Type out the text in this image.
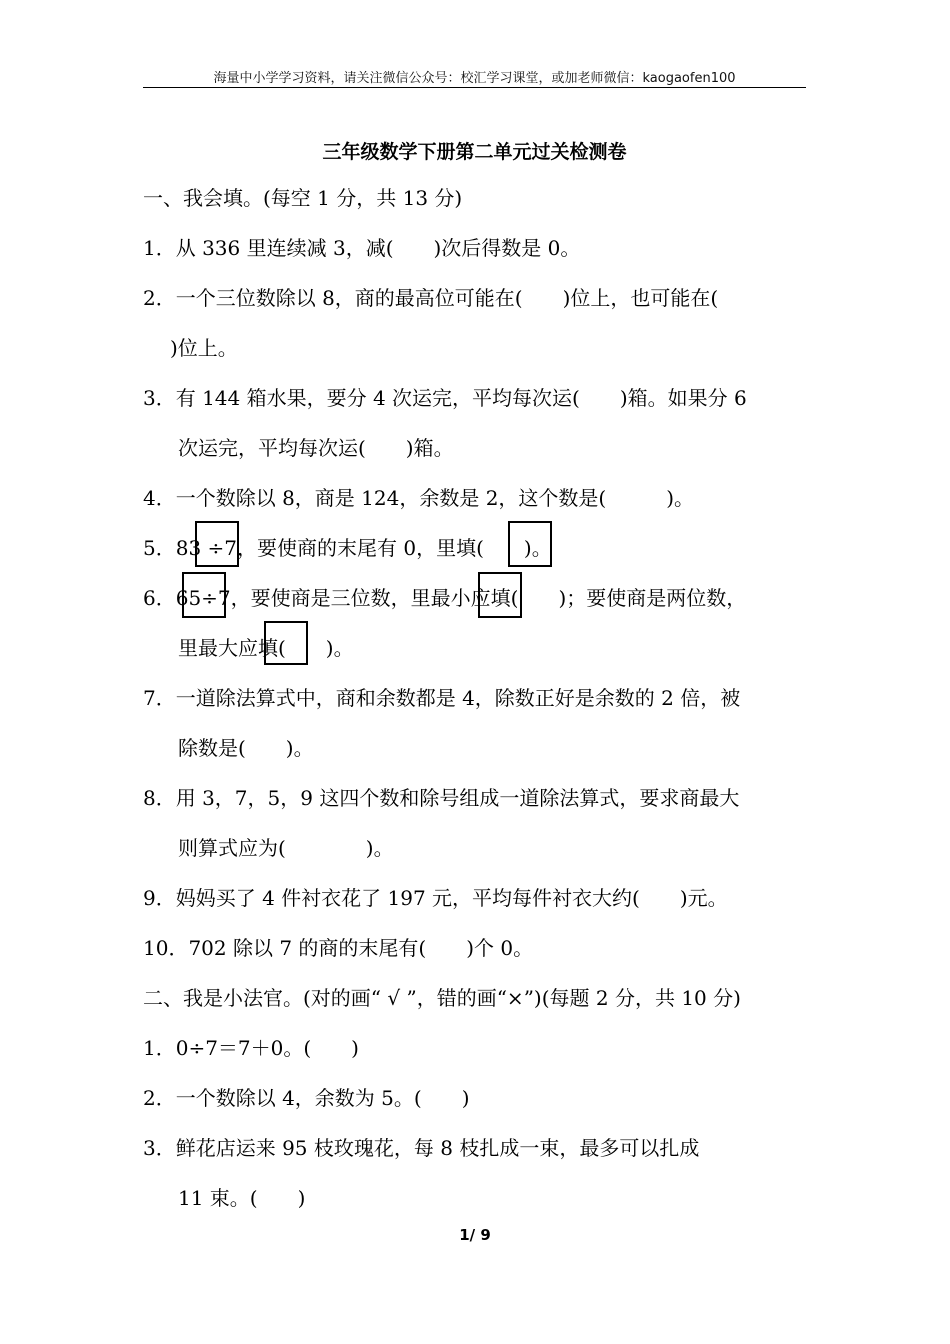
海量中小学学习资料，请关注微信公众号：校汇学习课堂，或加老师微信：kaogaofen100
三年级数学下册第二单元过关检测卷
一、我会填。(每空 1 分，共 13 分)
1．从 336 里连续减 3，减(　　)次后得数是 0。
2．一个三位数除以 8，商的最高位可能在(　　)位上，也可能在(
)位上。
3．有 144 箱水果，要分 4 次运完，平均每次运(　　)箱。如果分 6
次运完，平均每次运(　　)箱。
4．一个数除以 8，商是 124，余数是 2，这个数是(　　　)。
5．83 ÷7，要使商的末尾有 0，里填(　　)。
6．65÷7，要使商是三位数，里最小应填(　　)；要使商是两位数，
里最大应填(　　)。
7．一道除法算式中，商和余数都是 4，除数正好是余数的 2 倍，被
除数是(　　)。
8．用 3，7，5，9 这四个数和除号组成一道除法算式，要求商最大
则算式应为(　　　　)。
9．妈妈买了 4 件衬衣花了 197 元，平均每件衬衣大约(　　)元。
10．702 除以 7 的商的末尾有(　　)个 0。
二、我是小法官。(对的画“ √ ”，错的画“×”)(每题 2 分，共 10 分)
1．0÷7＝7＋0。(　　)
2．一个数除以 4，余数为 5。(　　)
3．鲜花店运来 95 枝玫瑰花，每 8 枝扎成一束，最多可以扎成
11 束。(　　)
1/ 9
